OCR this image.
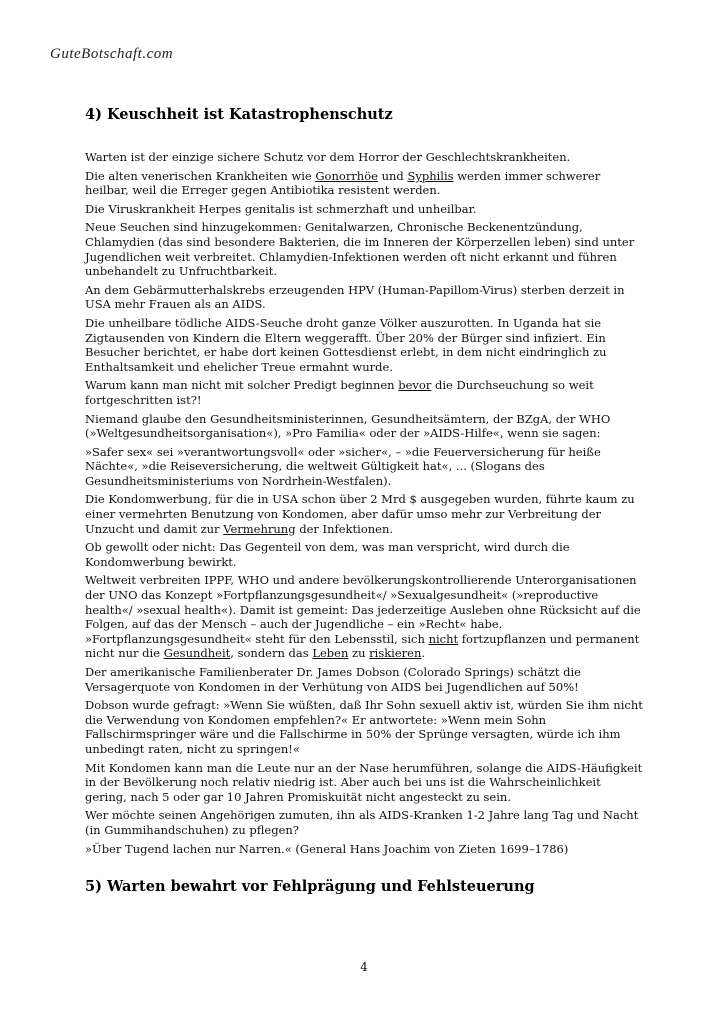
GuteBotschaft.com
4) Keuschheit ist Katastrophenschutz

Warten ist der einzige sichere Schutz vor dem Horror der Geschlechtskrankheiten.

Die alten venerischen Krankheiten wie Gonorrhöe und Syphilis werden immer schwerer heilbar, weil die Erreger gegen Antibiotika resistent werden.

Die Viruskrankheit Herpes genitalis ist schmerzhaft und unheilbar.

Neue Seuchen sind hinzugekommen: Genitalwarzen, Chronische Beckenentzündung, Chlamydien (das sind besondere Bakterien, die im Inneren der Körperzellen leben) sind unter Jugendlichen weit verbreitet. Chlamydien-Infektionen werden oft nicht erkannt und führen unbehandelt zu Unfruchtbarkeit.

An dem Gebärmutterhalskrebs erzeugenden HPV (Human-Papillom-Virus) sterben derzeit in USA mehr Frauen als an AIDS.

Die unheilbare tödliche AIDS-Seuche droht ganze Völker auszurotten. In Uganda hat sie Zigtausenden von Kindern die Eltern weggerafft. Über 20% der Bürger sind infiziert. Ein Besucher berichtet, er habe dort keinen Gottesdienst erlebt, in dem nicht eindringlich zu Enthaltsamkeit und ehelicher Treue ermahnt wurde.

Warum kann man nicht mit solcher Predigt beginnen bevor die Durchseuchung so weit fortgeschritten ist?!

Niemand glaube den Gesundheitsministerinnen, Gesundheitsämtern, der BZgA, der WHO (»Weltgesundheitsorganisation«), »Pro Familia« oder der »AIDS-Hilfe«, wenn sie sagen:

»Safer sex« sei »verantwortungsvoll« oder »sicher«, – »die Feuerversicherung für heiße Nächte«, »die Reiseversicherung, die weltweit Gültigkeit hat«, ... (Slogans des Gesundheitsministeriums von Nordrhein-Westfalen).

Die Kondomwerbung, für die in USA schon über 2 Mrd $ ausgegeben wurden, führte kaum zu einer vermehrten Benutzung von Kondomen, aber dafür umso mehr zur Verbreitung der Unzucht und damit zur Vermehrung der Infektionen.

Ob gewollt oder nicht: Das Gegenteil von dem, was man verspricht, wird durch die Kondomwerbung bewirkt.

Weltweit verbreiten IPPF, WHO und andere bevölkerungskontrollierende Unterorganisationen der UNO das Konzept »Fortpflanzungsgesundheit«/ »Sexualgesundheit« (»reproductive health«/ »sexual health«). Damit ist gemeint: Das jederzeitige Ausleben ohne Rücksicht auf die Folgen, auf das der Mensch – auch der Jugendliche – ein »Recht« habe. »Fortpflanzungsgesundheit« steht für den Lebensstil, sich nicht fortzupflanzen und permanent nicht nur die Gesundheit, sondern das Leben zu riskieren.

Der amerikanische Familienberater Dr. James Dobson (Colorado Springs) schätzt die Versagerquote von Kondomen in der Verhütung von AIDS bei Jugendlichen auf 50%!

Dobson wurde gefragt: »Wenn Sie wüßten, daß Ihr Sohn sexuell aktiv ist, würden Sie ihm nicht die Verwendung von Kondomen empfehlen?« Er antwortete: »Wenn mein Sohn Fallschirmspringer wäre und die Fallschirme in 50% der Sprünge versagten, würde ich ihm unbedingt raten, nicht zu springen!«

Mit Kondomen kann man die Leute nur an der Nase herumführen, solange die AIDS-Häufigkeit in der Bevölkerung noch relativ niedrig ist. Aber auch bei uns ist die Wahrscheinlichkeit gering, nach 5 oder gar 10 Jahren Promiskuität nicht angesteckt zu sein.

Wer möchte seinen Angehörigen zumuten, ihn als AIDS-Kranken 1-2 Jahre lang Tag und Nacht (in Gummihandschuhen) zu pflegen?

»Über Tugend lachen nur Narren.« (General Hans Joachim von Zieten 1699–1786)

5) Warten bewahrt vor Fehlprägung und Fehlsteuerung
4
